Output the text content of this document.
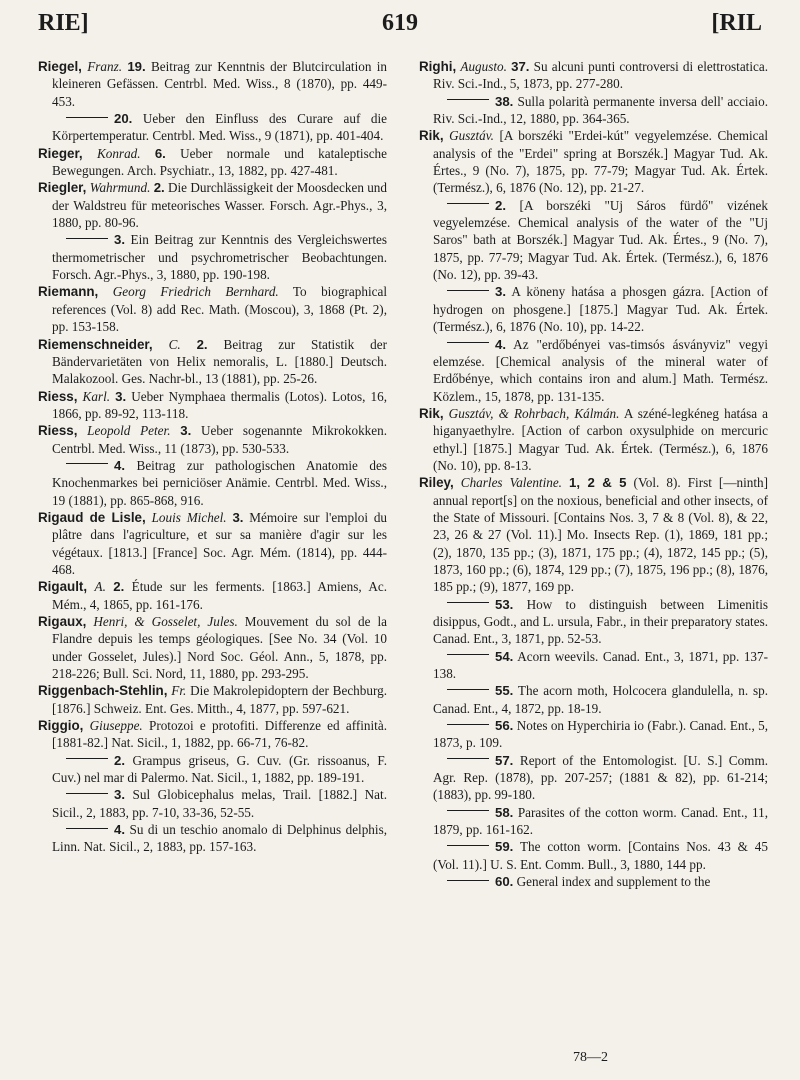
RIE]	619	[RIL

Riegel, Franz. 19. Beitrag zur Kenntnis der Blutcirculation in kleineren Gefässen. Centrbl. Med. Wiss., 8 (1870), pp. 449-453.

20. Ueber den Einfluss des Curare auf die Körpertemperatur. Centrbl. Med. Wiss., 9 (1871), pp. 401-404.

Rieger, Konrad. 6. Ueber normale und kataleptische Bewegungen. Arch. Psychiatr., 13, 1882, pp. 427-481.

Riegler, Wahrmund. 2. Die Durchlässigkeit der Moosdecken und der Waldstreu für meteorisches Wasser. Forsch. Agr.-Phys., 3, 1880, pp. 80-96.

3. Ein Beitrag zur Kenntnis des Vergleichswertes thermometrischer und psychrometrischer Beobachtungen. Forsch. Agr.-Phys., 3, 1880, pp. 190-198.

Riemann, Georg Friedrich Bernhard. To biographical references (Vol. 8) add Rec. Math. (Moscou), 3, 1868 (Pt. 2), pp. 153-158.

Riemenschneider, C. 2. Beitrag zur Statistik der Bändervarietäten von Helix nemoralis, L. [1880.] Deutsch. Malakozool. Ges. Nachr-bl., 13 (1881), pp. 25-26.

Riess, Karl. 3. Ueber Nymphaea thermalis (Lotos). Lotos, 16, 1866, pp. 89-92, 113-118.

Riess, Leopold Peter. 3. Ueber sogenannte Mikrokokken. Centrbl. Med. Wiss., 11 (1873), pp. 530-533.

4. Beitrag zur pathologischen Anatomie des Knochenmarkes bei perniciöser Anämie. Centrbl. Med. Wiss., 19 (1881), pp. 865-868, 916.

Rigaud de Lisle, Louis Michel. 3. Mémoire sur l'emploi du plâtre dans l'agriculture, et sur sa manière d'agir sur les végétaux. [1813.] [France] Soc. Agr. Mém. (1814), pp. 444-468.

Rigault, A. 2. Étude sur les ferments. [1863.] Amiens, Ac. Mém., 4, 1865, pp. 161-176.

Rigaux, Henri, & Gosselet, Jules. Mouvement du sol de la Flandre depuis les temps géologiques. [See No. 34 (Vol. 10 under Gosselet, Jules).] Nord Soc. Géol. Ann., 5, 1878, pp. 218-226; Bull. Sci. Nord, 11, 1880, pp. 293-295.

Riggenbach-Stehlin, Fr. Die Makrolepidoptern der Bechburg. [1876.] Schweiz. Ent. Ges. Mitth., 4, 1877, pp. 597-621.

Riggio, Giuseppe. Protozoi e protofiti. Differenze ed affinità. [1881-82.] Nat. Sicil., 1, 1882, pp. 66-71, 76-82.

2. Grampus griseus, G. Cuv. (Gr. rissoanus, F. Cuv.) nel mar di Palermo. Nat. Sicil., 1, 1882, pp. 189-191.

3. Sul Globicephalus melas, Trail. [1882.] Nat. Sicil., 2, 1883, pp. 7-10, 33-36, 52-55.

4. Su di un teschio anomalo di Delphinus delphis, Linn. Nat. Sicil., 2, 1883, pp. 157-163.

Righi, Augusto. 37. Su alcuni punti controversi di elettrostatica. Riv. Sci.-Ind., 5, 1873, pp. 277-280.

38. Sulla polarità permanente inversa dell' acciaio. Riv. Sci.-Ind., 12, 1880, pp. 364-365.

Rik, Gusztáv. [A borszéki "Erdei-kút" vegyelemzése. Chemical analysis of the "Erdei" spring at Borszék.] Magyar Tud. Ak. Értes., 9 (No. 7), 1875, pp. 77-79; Magyar Tud. Ak. Értek. (Termész.), 6, 1876 (No. 12), pp. 21-27.

2. [A borszéki "Uj Sáros fürdő" vizének vegyelemzése. Chemical analysis of the water of the "Uj Saros" bath at Borszék.] Magyar Tud. Ak. Értes., 9 (No. 7), 1875, pp. 77-79; Magyar Tud. Ak. Értek. (Termész.), 6, 1876 (No. 12), pp. 39-43.

3. A köneny hatása a phosgen gázra. [Action of hydrogen on phosgene.] [1875.] Magyar Tud. Ak. Értek. (Termész.), 6, 1876 (No. 10), pp. 14-22.

4. Az "erdőbényei vas-timsós ásványviz" vegyi elemzése. [Chemical analysis of the mineral water of Erdőbénye, which contains iron and alum.] Math. Termész. Közlem., 15, 1878, pp. 131-135.

Rik, Gusztáv, & Rohrbach, Kálmán. A széné-legkéneg hatása a higanyaethylre. [Action of carbon oxysulphide on mercuric ethyl.] [1875.] Magyar Tud. Ak. Értek. (Termész.), 6, 1876 (No. 10), pp. 8-13.

Riley, Charles Valentine. 1, 2 & 5 (Vol. 8). First [—ninth] annual report[s] on the noxious, beneficial and other insects, of the State of Missouri. [Contains Nos. 3, 7 & 8 (Vol. 8), & 22, 23, 26 & 27 (Vol. 11).] Mo. Insects Rep. (1), 1869, 181 pp.; (2), 1870, 135 pp.; (3), 1871, 175 pp.; (4), 1872, 145 pp.; (5), 1873, 160 pp.; (6), 1874, 129 pp.; (7), 1875, 196 pp.; (8), 1876, 185 pp.; (9), 1877, 169 pp.

53. How to distinguish between Limenitis disippus, Godt., and L. ursula, Fabr., in their preparatory states. Canad. Ent., 3, 1871, pp. 52-53.

54. Acorn weevils. Canad. Ent., 3, 1871, pp. 137-138.

55. The acorn moth, Holcocera glandulella, n. sp. Canad. Ent., 4, 1872, pp. 18-19.

56. Notes on Hyperchiria io (Fabr.). Canad. Ent., 5, 1873, p. 109.

57. Report of the Entomologist. [U. S.] Comm. Agr. Rep. (1878), pp. 207-257; (1881 & 82), pp. 61-214; (1883), pp. 99-180.

58. Parasites of the cotton worm. Canad. Ent., 11, 1879, pp. 161-162.

59. The cotton worm. [Contains Nos. 43 & 45 (Vol. 11).] U. S. Ent. Comm. Bull., 3, 1880, 144 pp.

60. General index and supplement to the

78—2
